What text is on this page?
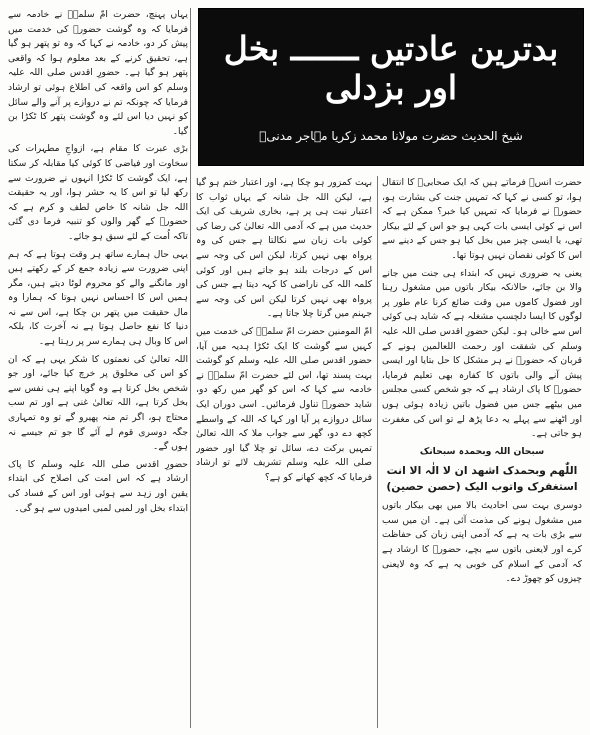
بدترین عادتیں ـــــــ بخل اور بزدلی
شیخ الحدیث حضرت مولانا محمد زکریا مہاجر مدنیؒ

یہاں پہنچ، حضرت امّ سلمہؓ نے خادمہ سے فرمایا کہ وہ گوشت حضورؐ کی خدمت میں پیش کر دو، خادمہ نے کہا کہ وہ تو پتھر ہو گیا ہے، تحقیق کرنے کے بعد معلوم ہوا کہ واقعی پتھر ہو گیا ہے۔ حضورِ اقدس صلی اللہ علیہ وسلم کو اس واقعہ کی اطلاع ہوئی تو ارشاد فرمایا کہ چونکہ تم نے دروازے پر آنے والے سائل کو نہیں دیا اس لئے وہ گوشت پتھر کا ٹکڑا بن گیا۔

بڑی عبرت کا مقام ہے، ازواجِ مطہرات کی سخاوت اور فیاضی کا کوئی کیا مقابلہ کر سکتا ہے، ایک گوشت کا ٹکڑا انہوں نے ضرورت سے رکھ لیا تو اس کا یہ حشر ہوا، اور یہ حقیقت اللہ جل شانہ کا خاص لطف و کرم ہے کہ حضورؐ کے گھر والوں کو تنبیہ فرما دی گئی تاکہ اُمت کے لئے سبق ہو جائے۔

یہی حال ہمارے ساتھ ہر وقت ہوتا ہے کہ ہم اپنی ضرورت سے زیادہ جمع کر کے رکھتے ہیں اور مانگنے والے کو محروم لوٹا دیتے ہیں، مگر ہمیں اس کا احساس نہیں ہوتا کہ ہمارا وہ مال حقیقت میں پتھر بن چکا ہے، اس سے نہ دنیا کا نفع حاصل ہوتا ہے نہ آخرت کا، بلکہ اس کا وبال ہی ہمارے سر پر رہتا ہے۔

اللہ تعالیٰ کی نعمتوں کا شکر یہی ہے کہ ان کو اس کی مخلوق پر خرچ کیا جائے، اور جو شخص بخل کرتا ہے وہ گویا اپنے ہی نفس سے بخل کرتا ہے، اللہ تعالیٰ غنی ہے اور تم سب محتاج ہو، اگر تم منہ پھیرو گے تو وہ تمہاری جگہ دوسری قوم لے آئے گا جو تم جیسے نہ ہوں گے۔

حضورِ اقدس صلی اللہ علیہ وسلم کا پاک ارشاد ہے کہ اس امت کی اصلاح کی ابتداء یقین اور زہد سے ہوئی اور اس کے فساد کی ابتداء بخل اور لمبی لمبی امیدوں سے ہو گی۔

بہت کمزور ہو چکا ہے، اور اعتبار ختم ہو گیا ہے، لیکن اللہ جل شانہ کے یہاں ثواب کا اعتبار نیت ہی پر ہے، بخاری شریف کی ایک حدیث میں ہے کہ آدمی اللہ تعالیٰ کی رضا کی کوئی بات زبان سے نکالتا ہے جس کی وہ پرواہ بھی نہیں کرتا، لیکن اس کی وجہ سے اس کے درجات بلند ہو جاتے ہیں اور کوئی کلمہ اللہ کی ناراضی کا کہہ دیتا ہے جس کی پرواہ بھی نہیں کرتا لیکن اس کی وجہ سے جہنم میں گرتا چلا جاتا ہے۔

امّ المومنین حضرت امّ سلمہؓ کی خدمت میں کہیں سے گوشت کا ایک ٹکڑا ہدیہ میں آیا، حضور اقدس صلی اللہ علیہ وسلم کو گوشت بہت پسند تھا، اس لئے حضرت امّ سلمہؓ نے خادمہ سے کہا کہ اس کو گھر میں رکھ دو، شاید حضورؐ تناول فرمائیں۔ اسی دوران ایک سائل دروازے پر آیا اور کہا کہ اللہ کے واسطے کچھ دے دو، گھر سے جواب ملا کہ اللہ تعالیٰ تمہیں برکت دے، سائل تو چلا گیا اور حضور صلی اللہ علیہ وسلم تشریف لائے تو ارشاد فرمایا کہ کچھ کھانے کو ہے؟

حضرت انسؓ فرماتے ہیں کہ ایک صحابیؓ کا انتقال ہوا، تو کسی نے کہا کہ تمہیں جنت کی بشارت ہو، حضورؐ نے فرمایا کہ تمہیں کیا خبر؟ ممکن ہے کہ اس نے کوئی ایسی بات کہی ہو جو اس کے لئے بیکار تھی، یا ایسی چیز میں بخل کیا ہو جس کے دینے سے اس کا کوئی نقصان نہیں ہوتا تھا۔

یعنی یہ ضروری نہیں کہ ابتداء ہی جنت میں جانے والا بن جائے، حالانکہ بیکار باتوں میں مشغول رہنا اور فضول کاموں میں وقت ضائع کرنا عام طور پر لوگوں کا ایسا دلچسپ مشغلہ ہے کہ شاید ہی کوئی اس سے خالی ہو۔ لیکن حضورِ اقدس صلی اللہ علیہ وسلم کی شفقت اور رحمت اللعالمین ہونے کے قربان کہ حضورؐ نے ہر مشکل کا حل بتایا اور ایسی پیش آنے والی باتوں کا کفارہ بھی تعلیم فرمایا، حضورؐ کا پاک ارشاد ہے کہ جو شخص کسی مجلس میں بیٹھے جس میں فضول باتیں زیادہ ہوئی ہوں اور اٹھنے سے پہلے یہ دعا پڑھ لے تو اس کی مغفرت ہو جاتی ہے۔

سبحان اللہ وبحمدہ سبحانک
اللّٰھم وبحمدک اشھد ان لا الٰہ الا انت استغفرک واتوب الیک (حصن حصین)

دوسری بہت سی احادیث بالا میں بھی بیکار باتوں میں مشغول ہونے کی مذمت آئی ہے۔ ان میں سب سے بڑی بات یہ ہے کہ آدمی اپنی زبان کی حفاظت کرے اور لایعنی باتوں سے بچے، حضورؐ کا ارشاد ہے کہ آدمی کے اسلام کی خوبی یہ ہے کہ وہ لایعنی چیزوں کو چھوڑ دے۔
